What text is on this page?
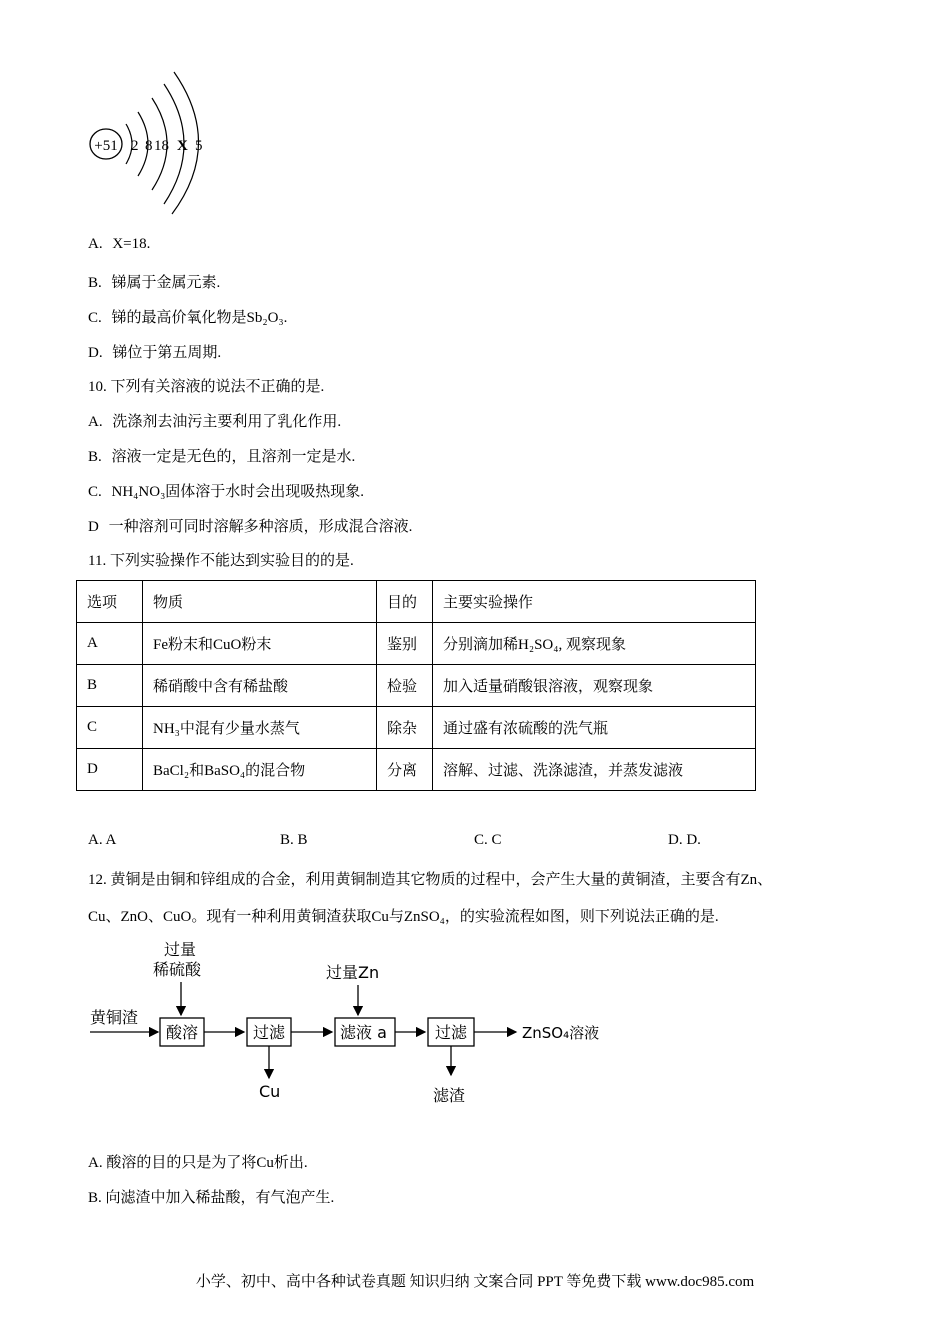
+51 2 8 18 X 5
A. X=18.
B. 锑属于金属元素.
C. 锑的最高价氧化物是Sb₂O₃.
D. 锑位于第五周期.
10. 下列有关溶液的说法不正确的是.
A. 洗涤剂去油污主要利用了乳化作用.
B. 溶液一定是无色的，且溶剂一定是水.
C. NH₄NO₃固体溶于水时会出现吸热现象.
D 一种溶剂可同时溶解多种溶质，形成混合溶液.
11. 下列实验操作不能达到实验目的的是.
选项	物质	目的	主要实验操作
A	Fe粉末和CuO粉末	鉴别	分别滴加稀H₂SO₄, 观察现象
B	稀硝酸中含有稀盐酸	检验	加入适量硝酸银溶液，观察现象
C	NH₃中混有少量水蒸气	除杂	通过盛有浓硫酸的洗气瓶
D	BaCl₂和BaSO₄的混合物	分离	溶解、过滤、洗涤滤渣，并蒸发滤液
A. A	B. B	C. C	D. D.
12. 黄铜是由铜和锌组成的合金，利用黄铜制造其它物质的过程中，会产生大量的黄铜渣，主要含有Zn、
Cu、ZnO、CuO。现有一种利用黄铜渣获取Cu与ZnSO₄，的实验流程如图，则下列说法正确的是.
黄铜渣
过量
稀硫酸
酸溶	过滤
Cu
过量Zn
滤液 a	过滤
滤渣
ZnSO₄溶液
A. 酸溶的目的只是为了将Cu析出.
B. 向滤渣中加入稀盐酸，有气泡产生.
小学、初中、高中各种试卷真题 知识归纳 文案合同 PPT 等免费下载 www.doc985.com
